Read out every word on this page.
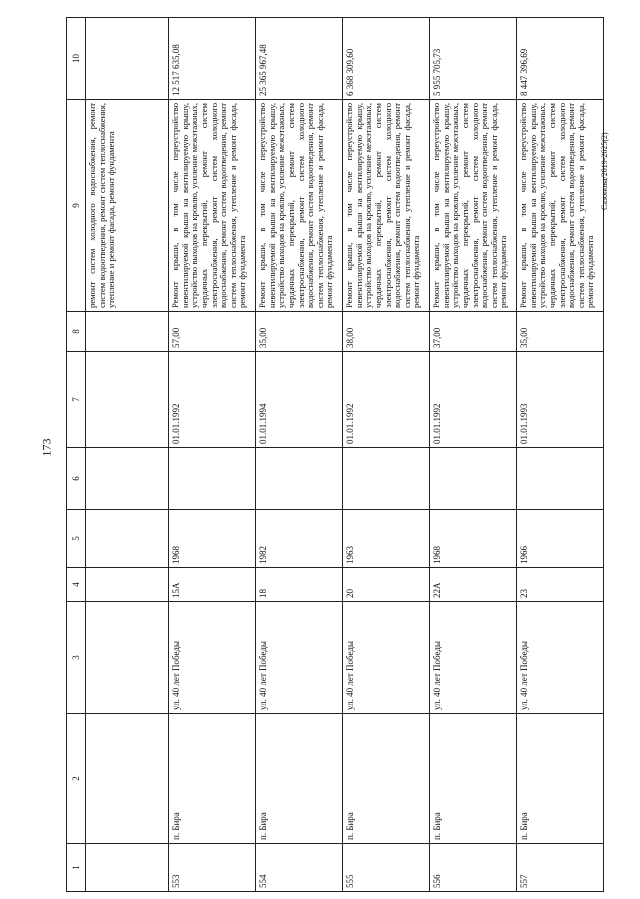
173
Сазонова/2019-2625(2)
1	2	3	4	5	6	7	8	9	10
								ремонт систем холодного водоснабжения, ремонт систем водоотведения, ремонт систем теплоснабжения, утепление и ремонт фасада, ремонт фундамента	
553	п. Бира	ул. 40 лет Победы	15А	1968		01.01.1992	57,00	Ремонт крыши, в том числе переустройство невентилируемой крыши на вентилируемую крышу, устройство выходов на кровлю, усиление межэтажных, чердачных перекрытий, ремонт систем электроснабжения, ремонт систем холодного водоснабжения, ремонт систем водоотведения, ремонт систем теплоснабжения, утепление и ремонт фасада, ремонт фундамента	12 517 635,08
554	п. Бира	ул. 40 лет Победы	18	1982		01.01.1994	35,00	Ремонт крыши, в том числе переустройство невентилируемой крыши на вентилируемую крышу, устройство выходов на кровлю, усиление межэтажных, чердачных перекрытий, ремонт систем электроснабжения, ремонт систем холодного водоснабжения, ремонт систем водоотведения, ремонт систем теплоснабжения, утепление и ремонт фасада, ремонт фундамента	25 365 967,48
555	п. Бира	ул. 40 лет Победы	20	1963		01.01.1992	38,00	Ремонт крыши, в том числе переустройство невентилируемой крыши на вентилируемую крышу, устройство выходов на кровлю, усиление межэтажных, чердачных перекрытий, ремонт систем электроснабжения, ремонт систем холодного водоснабжения, ремонт систем водоотведения, ремонт систем теплоснабжения, утепление и ремонт фасада, ремонт фундамента	6 368 309,60
556	п. Бира	ул. 40 лет Победы	22А	1968		01.01.1992	37,00	Ремонт крыши, в том числе переустройство невентилируемой крыши на вентилируемую крышу, устройство выходов на кровлю, усиление межэтажных, чердачных перекрытий, ремонт систем электроснабжения, ремонт систем холодного водоснабжения, ремонт систем водоотведения, ремонт систем теплоснабжения, утепление и ремонт фасада, ремонт фундамента	5 955 705,73
557	п. Бира	ул. 40 лет Победы	23	1966		01.01.1993	35,00	Ремонт крыши, в том числе переустройство невентилируемой крыши на вентилируемую крышу, устройство выходов на кровлю, усиление межэтажных, чердачных перекрытий, ремонт систем электроснабжения, ремонт систем холодного водоснабжения, ремонт систем водоотведения, ремонт систем теплоснабжения, утепление и ремонт фасада, ремонт фундамента	8 447 396,69
